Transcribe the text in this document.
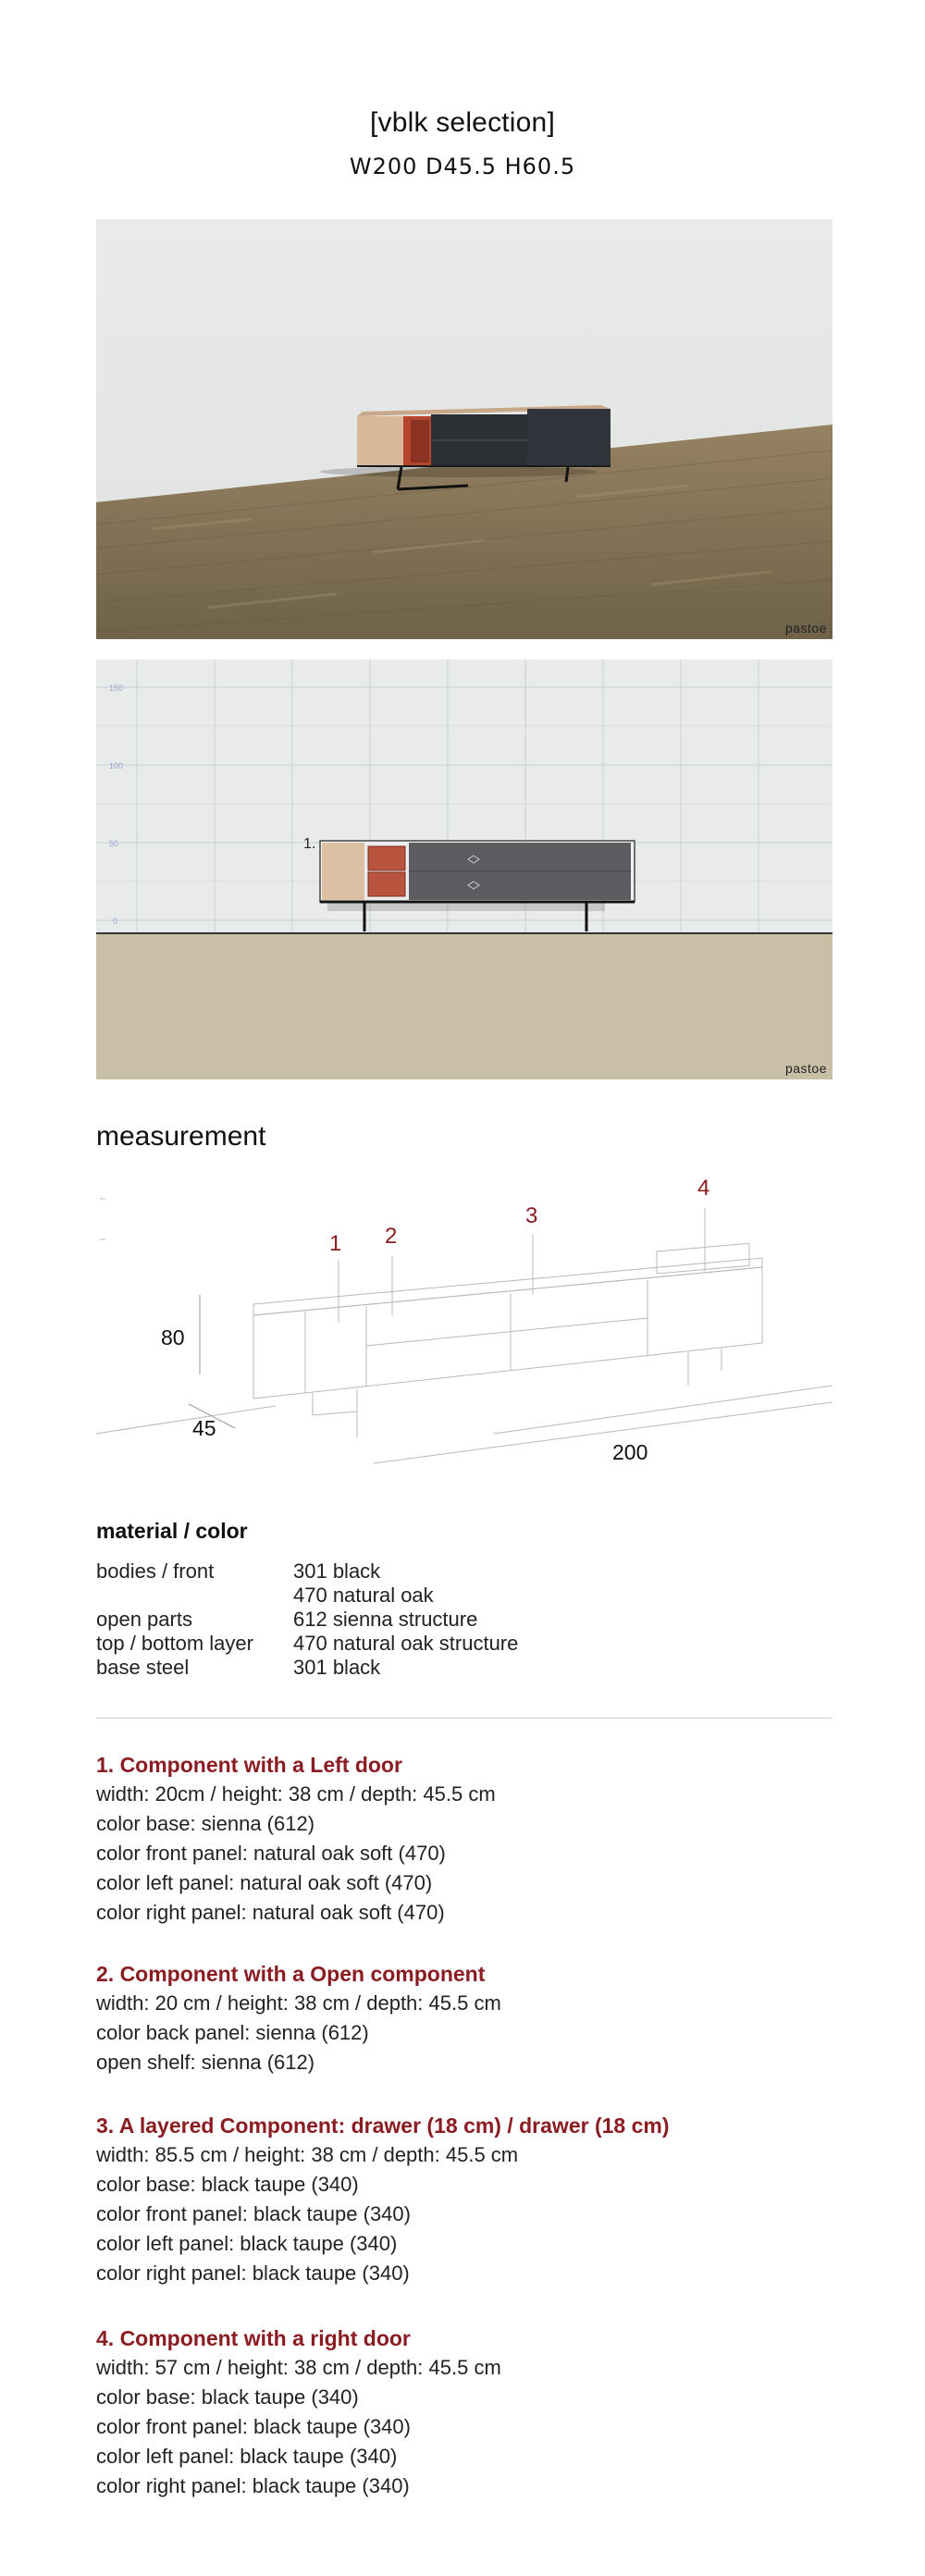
[vblk selection]
W200 D45.5 H60.5
pastoe
150
100
50
0
1.
pastoe
measurement
80
45
200
1 2
3
4
material / color
bodies / front	301 black
	470 natural oak
open parts	612 sienna structure
top / bottom layer	470 natural oak structure
base steel	301 black
1. Component with a Left door
width: 20cm / height: 38 cm / depth: 45.5 cm
color base: sienna (612)
color front panel: natural oak soft (470)
color left panel: natural oak soft (470)
color right panel: natural oak soft (470)
2. Component with a Open component
width: 20 cm / height: 38 cm / depth: 45.5 cm
color back panel: sienna (612)
open shelf: sienna (612)
3. A layered Component: drawer (18 cm) / drawer (18 cm)
width: 85.5 cm / height: 38 cm / depth: 45.5 cm
color base: black taupe (340)
color front panel: black taupe (340)
color left panel: black taupe (340)
color right panel: black taupe (340)
4. Component with a right door
width: 57 cm / height: 38 cm / depth: 45.5 cm
color base: black taupe (340)
color front panel: black taupe (340)
color left panel: black taupe (340)
color right panel: black taupe (340)
